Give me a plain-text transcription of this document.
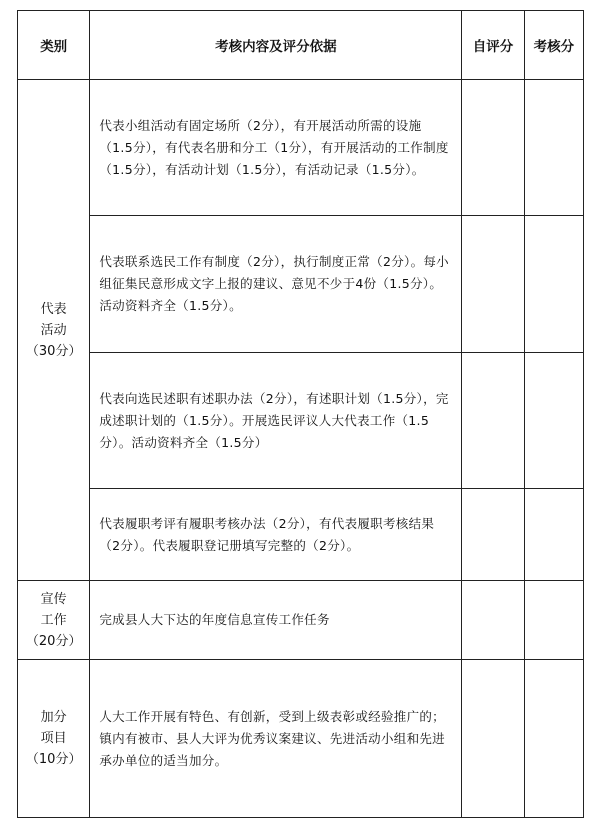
类别	考核内容及评分依据	自评分	考核分

代表
活动
（30分）	代表小组活动有固定场所（2分），有开展活动所需的设施（1.5分），有代表名册和分工（1分），有开展活动的工作制度（1.5分），有活动计划（1.5分），有活动记录（1.5分）。		

	代表联系选民工作有制度（2分），执行制度正常（2分）。每小组征集民意形成文字上报的建议、意见不少于4份（1.5分）。活动资料齐全（1.5分）。		

	代表向选民述职有述职办法（2分），有述职计划（1.5分），完成述职计划的（1.5分）。开展选民评议人大代表工作（1.5分）。活动资料齐全（1.5分）		

	代表履职考评有履职考核办法（2分），有代表履职考核结果（2分）。代表履职登记册填写完整的（2分）。		

宣传
工作
（20分）	完成县人大下达的年度信息宣传工作任务		

加分
项目
（10分）	人大工作开展有特色、有创新，受到上级表彰或经验推广的；镇内有被市、县人大评为优秀议案建议、先进活动小组和先进承办单位的适当加分。		
